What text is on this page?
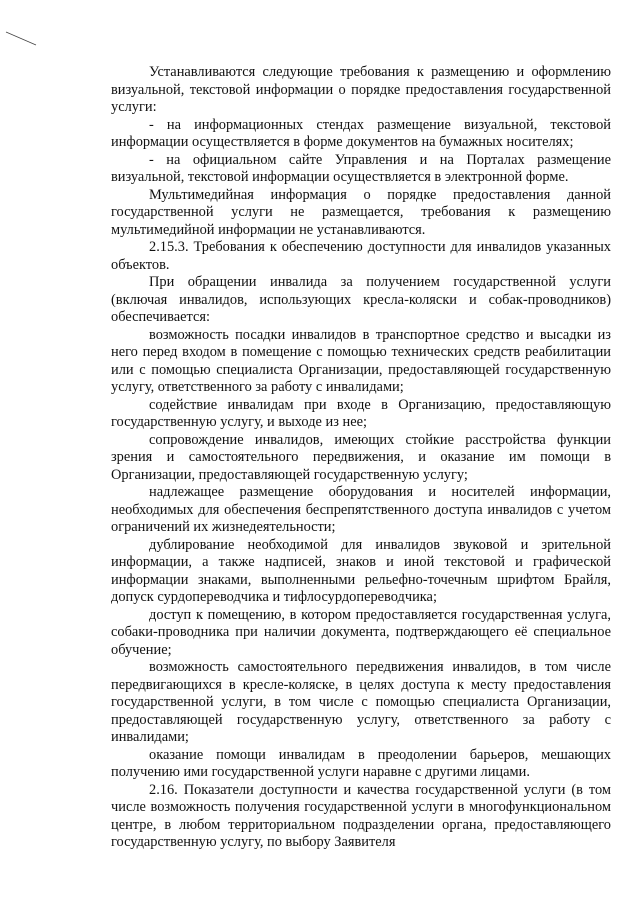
Устанавливаются следующие требования к размещению и оформлению визуальной, текстовой информации о порядке предоставления государственной услуги:

- на информационных стендах размещение визуальной, текстовой информации осуществляется в форме документов на бумажных носителях;

- на официальном сайте Управления и на Порталах размещение визуальной, текстовой информации осуществляется в электронной форме.

Мультимедийная информация о порядке предоставления данной государственной услуги не размещается, требования к размещению мультимедийной информации не устанавливаются.

2.15.3. Требования к обеспечению доступности для инвалидов указанных объектов.

При обращении инвалида за получением государственной услуги (включая инвалидов, использующих кресла-коляски и собак-проводников) обеспечивается:

возможность посадки инвалидов в транспортное средство и высадки из него перед входом в помещение с помощью технических средств реабилитации или с помощью специалиста Организации, предоставляющей государственную услугу, ответственного за работу с инвалидами;

содействие инвалидам при входе в Организацию, предоставляющую государственную услугу, и выходе из нее;

сопровождение инвалидов, имеющих стойкие расстройства функции зрения и самостоятельного передвижения, и оказание им помощи в Организации, предоставляющей государственную услугу;

надлежащее размещение оборудования и носителей информации, необходимых для обеспечения беспрепятственного доступа инвалидов с учетом ограничений их жизнедеятельности;

дублирование необходимой для инвалидов звуковой и зрительной информации, а также надписей, знаков и иной текстовой и графической информации знаками, выполненными рельефно-точечным шрифтом Брайля, допуск сурдопереводчика и тифлосурдопереводчика;

доступ к помещению, в котором предоставляется государственная услуга, собаки-проводника при наличии документа, подтверждающего её специальное обучение;

возможность самостоятельного передвижения инвалидов, в том числе передвигающихся в кресле-коляске, в целях доступа к месту предоставления государственной услуги, в том числе с помощью специалиста Организации, предоставляющей государственную услугу, ответственного за работу с инвалидами;

оказание помощи инвалидам в преодолении барьеров, мешающих получению ими государственной услуги наравне с другими лицами.

2.16. Показатели доступности и качества государственной услуги (в том числе возможность получения государственной услуги в многофункциональном центре, в любом территориальном подразделении органа, предоставляющего государственную услугу, по выбору Заявителя
